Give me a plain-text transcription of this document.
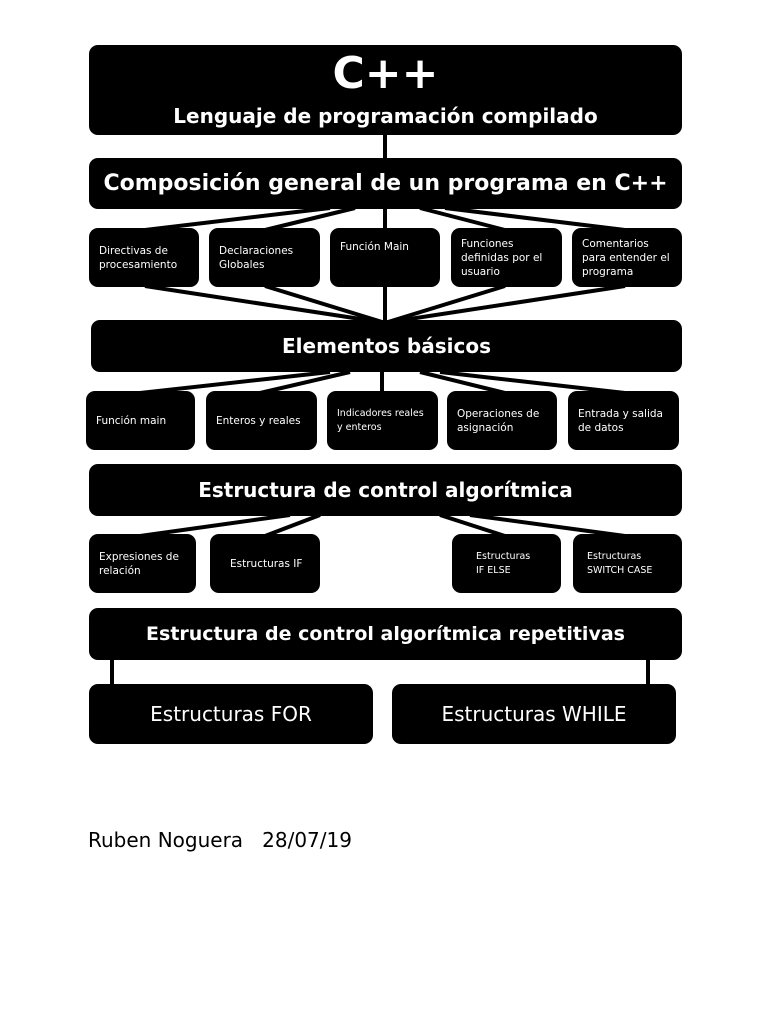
C++
Lenguaje de programación compilado
Composición general de un programa en C++
Directivas de procesamiento
Declaraciones Globales
Función Main	Funciones definidas por el usuario
Comentarios para entender el programa
Elementos básicos
Función main	Enteros y reales
Indicadores reales y enteros
Operaciones de asignación
Entrada y salida de datos
Estructura de control algorítmica
Expresiones de relación
Estructuras IF
Estructuras IF ELSE
Estructuras SWITCH CASE
Estructura de control algorítmica repetitivas
Estructuras FOR	Estructuras WHILE
Ruben Noguera 28/07/19
